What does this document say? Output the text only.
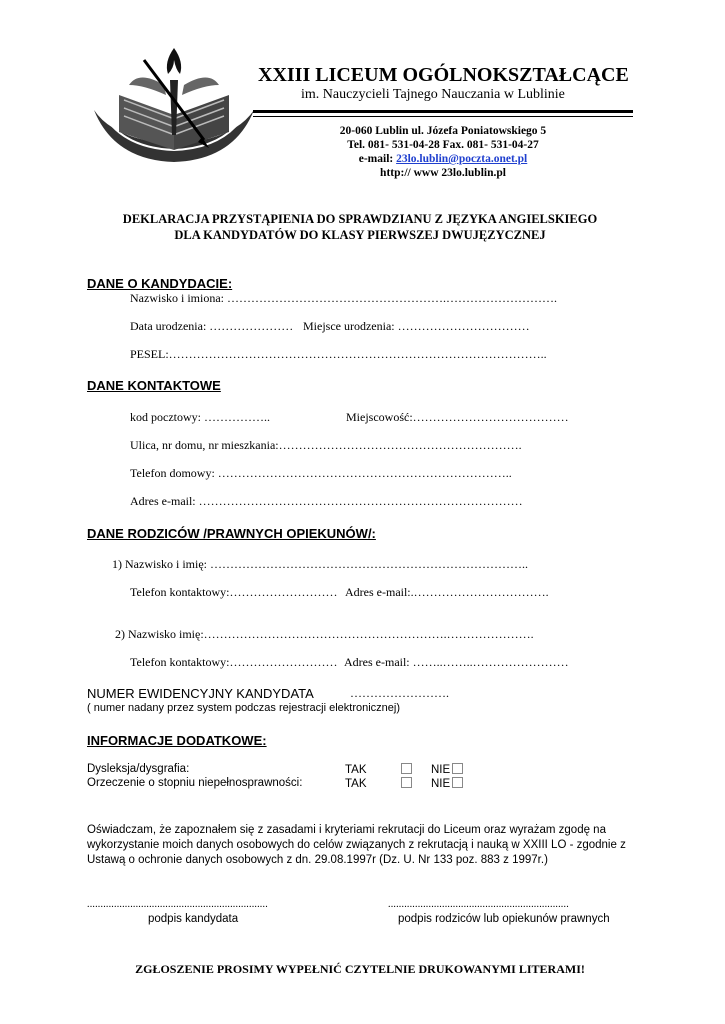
XXIII LICEUM OGÓLNOKSZTAŁCĄCE
im. Nauczycieli Tajnego Nauczania w Lublinie
20-060 Lublin ul. Józefa Poniatowskiego 5
Tel. 081- 531-04-28 Fax. 081- 531-04-27
e-mail: 23lo.lublin@poczta.onet.pl
http:// www 23lo.lublin.pl
DEKLARACJA PRZYSTĄPIENIA DO SPRAWDZIANU Z JĘZYKA ANGIELSKIEGO
DLA KANDYDATÓW DO KLASY PIERWSZEJ DWUJĘZYCZNEJ
DANE O KANDYDACIE:
Nazwisko i imiona: ……………………………………………….……………………….
Data urodzenia: ………………… Miejsce urodzenia: ……………………………
PESEL:…………………………………………………………………………………..
DANE KONTAKTOWE
kod pocztowy: ……………..	Miejscowość:…………………………………
Ulica, nr domu, nr mieszkania:…………………………………………………….
Telefon domowy: ………………………………………………………………..
Adres e-mail: ………………………………………………………………………
DANE RODZICÓW /PRAWNYCH OPIEKUNÓW/:
1) Nazwisko i imię: ……………………………………………………………………..
Telefon kontaktowy:……………………… Adres e-mail:.…………………………….
2) Nazwisko imię:…………………………………………………….………………….
Telefon kontaktowy:……………………… Adres e-mail: ……..……..……………………
NUMER EWIDENCYJNY KANDYDATA	…………………….
( numer nadany przez system podczas rejestracji elektronicznej)
INFORMACJE DODATKOWE:
Dysleksja/dysgrafia:	TAK	NIE
Orzeczenie o stopniu niepełnosprawności:	TAK	NIE
Oświadczam, że zapoznałem się z zasadami i kryteriami rekrutacji do Liceum oraz wyrażam zgodę na wykorzystanie moich danych osobowych do celów związanych z rekrutacją i nauką w XXIII LO - zgodnie z Ustawą o ochronie danych osobowych z dn. 29.08.1997r (Dz. U. Nr 133 poz. 883 z 1997r.)
...................................................................
podpis kandydata
...................................................................
podpis rodziców lub opiekunów prawnych
ZGŁOSZENIE PROSIMY WYPEŁNIĆ CZYTELNIE DRUKOWANYMI LITERAMI!
